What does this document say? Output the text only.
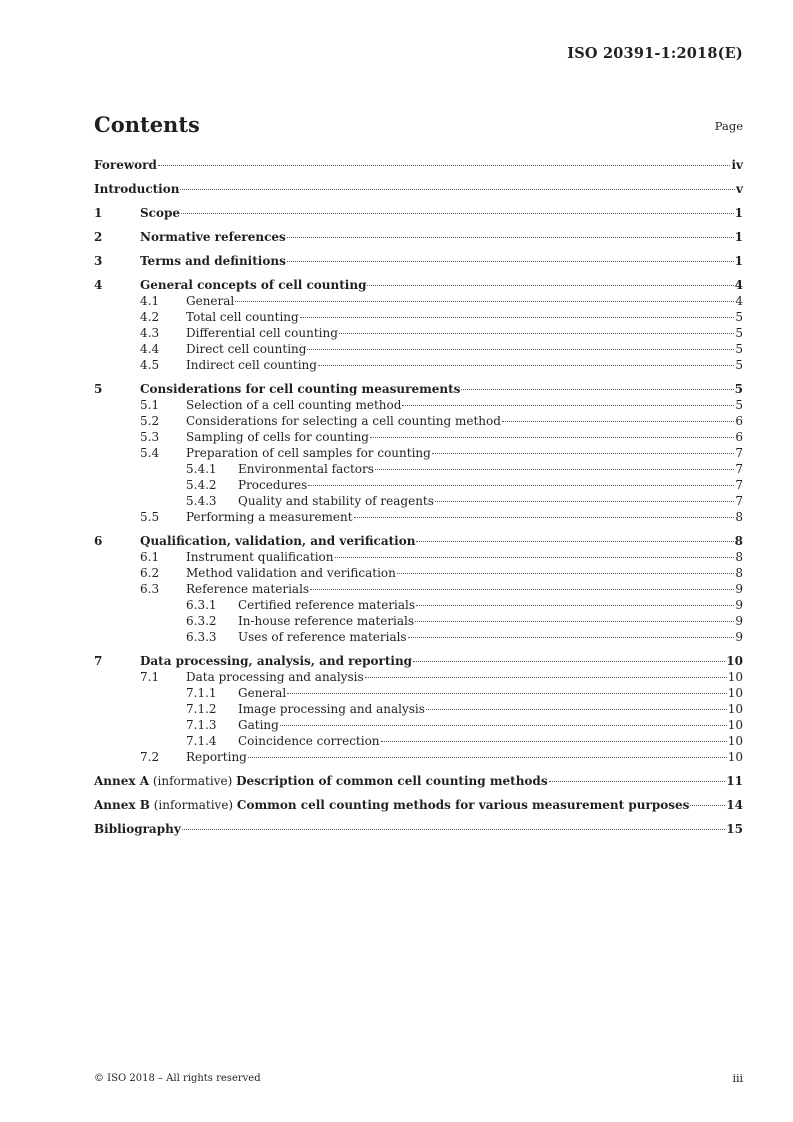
ISO 20391-1:2018(E)
Contents	Page
Foreword	iv
Introduction	v
1	Scope	1
2	Normative references	1
3	Terms and definitions	1
4	General concepts of cell counting	4
4.1 General	4
4.2 Total cell counting	5
4.3 Differential cell counting	5
4.4 Direct cell counting	5
4.5 Indirect cell counting	5
5	Considerations for cell counting measurements	5
5.1 Selection of a cell counting method	5
5.2 Considerations for selecting a cell counting method	6
5.3 Sampling of cells for counting	6
5.4 Preparation of cell samples for counting	7
5.4.1 Environmental factors	7
5.4.2 Procedures	7
5.4.3 Quality and stability of reagents	7
5.5 Performing a measurement	8
6	Qualification, validation, and verification	8
6.1 Instrument qualification	8
6.2 Method validation and verification	8
6.3 Reference materials	9
6.3.1 Certified reference materials	9
6.3.2 In-house reference materials	9
6.3.3 Uses of reference materials	9
7	Data processing, analysis, and reporting	10
7.1 Data processing and analysis	10
7.1.1 General	10
7.1.2 Image processing and analysis	10
7.1.3 Gating	10
7.1.4 Coincidence correction	10
7.2 Reporting	10
Annex A (informative) Description of common cell counting methods	11
Annex B (informative) Common cell counting methods for various measurement purposes	14
Bibliography	15
© ISO 2018 – All rights reserved	iii
